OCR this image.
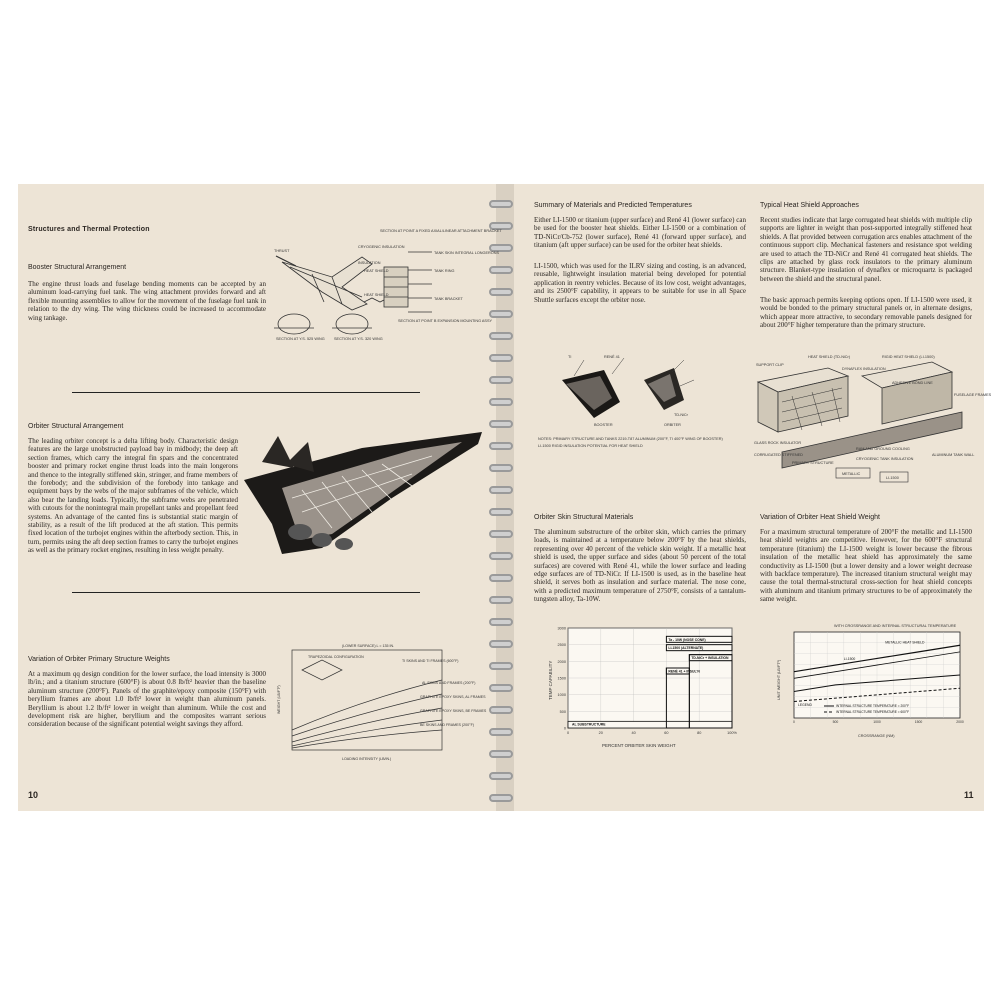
Structures and Thermal Protection
Booster Structural Arrangement
The engine thrust loads and fuselage bending moments can be accepted by an aluminum load-carrying fuel tank. The wing attachment provides forward and aft flexible mounting assemblies to allow for the movement of the fuselage fuel tank in relation to the dry wing. The wing thickness could be increased to accommodate wing tankage.
THRUST
SECTION AT POINT A FIXED AXIAL/LINEAR ATTACHMENT BRACKET
CRYOGENIC INSULATION
TANK SKIN INTEGRAL LONGERONS
INSULATION
HEAT SHIELD	TANK RING
HEAT SHIELD
TANK BRACKET
SECTION AT Y.S. 525 WING SECTION AT Y.S. 320 WING
SECTION AT POINT B EXPANSION MOUNTING ASSY
Orbiter Structural Arrangement
The leading orbiter concept is a delta lifting body. Characteristic design features are the large unobstructed payload bay in midbody; the deep aft section frames, which carry the integral fin spars and the concentrated booster and primary rocket engine thrust loads into the main longerons and thence to the integrally stiffened skin, stringer, and frame members of the forebody; and the subdivision of the forebody into tankage and equipment bays by the webs of the major subframes of the vehicle, which also bear the landing loads. Typically, the subframe webs are penetrated with cutouts for the nonintegral main propellant tanks and propellant feed systems. An advantage of the canted fins is substantial static margin of stability, as a result of the lift produced at the aft station. This permits fixed location of the turbojet engines within the afterbody section. This, in turn, permits using the aft deep section frames to carry the turbojet engines as well as the primary rocket engines, resulting in less weight penalty.
Variation of Orbiter Primary Structure Weights
At a maximum qq design condition for the lower surface, the load intensity is 3000 lb/in.; and a titanium structure (600°F) is about 0.8 lb/ft² heavier than the baseline aluminum structure (200°F). Panels of the graphite/epoxy composite (150°F) with beryllium frames are about 1.0 lb/ft² lower in weight than aluminum panels. Beryllium is about 1.2 lb/ft² lower in weight than aluminum. While the cost and development risk are higher, beryllium and the composites warrant serious consideration because of the significant potential weight savings they afford.
(LOWER SURFACE) L = 135 IN.
TRAPEZOIDAL CONFIGURATION
TI SKINS AND TI FRAMES (600°F)
AL SKINS AND FRAMES (200°F)
GRAPHITE EPOXY SKINS, AL FRAMES
GRAPHITE EPOXY SKINS, BE FRAMES
BE SKINS AND FRAMES (200°F)
WEIGHT (LB/FT²)
LOADING INTENSITY (LB/IN.)
10
Summary of Materials and Predicted Temperatures
Either LI-1500 or titanium (upper surface) and René 41 (lower surface) can be used for the booster heat shields. Either LI-1500 or a combination of TD-NiCr/Cb-752 (lower surface), René 41 (forward upper surface), and titanium (aft upper surface) can be used for the orbiter heat shields.
LI-1500, which was used for the ILRV sizing and costing, is an advanced, reusable, lightweight insulation material being developed for potential application in reentry vehicles. Because of its low cost, weight advantages, and its 2500°F capability, it appears to be suitable for use in all Space Shuttle surfaces except the orbiter nose.
Typical Heat Shield Approaches
Recent studies indicate that large corrugated heat shields with multiple clip supports are lighter in weight than post-supported integrally stiffened heat shields. A flat provided between corrugation arcs enables attachment of the continuous support clip. Mechanical fasteners and resistance spot welding are used to attach the TD-NiCr and René 41 corrugated heat shields. The clips are attached by glass rock insulators to the primary aluminum structure. Blanket-type insulation of dynaflex or microquartz is packaged between the shield and the structural panel.
The basic approach permits keeping options open. If LI-1500 were used, it would be bonded to the primary structural panels or, in alternate designs, which appear more attractive, to secondary removable panels designed for about 200°F higher temperature than the primary structure.
BOOSTER	ORBITER
RENÉ 41
TI
TD-NiCr
NOTES: PRIMARY STRUCTURE AND TANKS 2219-T87 ALUMINUM (200°F, TI 400°F WING OF BOOSTER)
LI-1500 RIGID INSULATION POTENTIAL FOR HEAT SHIELD
HEAT SHIELD (TD-NiCr)
SUPPORT CLIP
RIGID HEAT SHIELD (LI-1500)
DYNAFLEX INSULATION
ADHESIVE BOND LINE
FUSELAGE FRAMES
GLASS ROCK INSULATOR
CORRUGATED STIFFENED
RAM AND GROUND COOLING
CRYOGENIC TANK INSULATION
PRIMARY STRUCTURE
ALUMINUM TANK WALL
METALLIC
LI-1500
Orbiter Skin Structural Materials
The aluminum substructure of the orbiter skin, which carries the primary loads, is maintained at a temperature below 200°F by the heat shields, representing over 40 percent of the vehicle skin weight. If a metallic heat shield is used, the upper surface and sides (about 50 percent of the total surfaces) are covered with René 41, while the lower surface and leading edge surfaces are of TD-NiCr. If LI-1500 is used, as in the baseline heat shield, it serves both as insulation and surface material. The nose cone, with a predicted maximum temperature of 2750°F, consists of a tantalum-tungsten alloy, Ta-10W.
Variation of Orbiter Heat Shield Weight
For a maximum structural temperature of 200°F the metallic and LI-1500 heat shield weights are competitive. However, for the 600°F structural temperature (titanium) the LI-1500 weight is lower because the fibrous insulation of the metallic heat shield has approximately the same conductivity as LI-1500 (but a lower density and a lower weight decrease with backface temperature). The increased titanium structural weight may cause the total thermal-structural cross-section for heat shield concepts with aluminum and titanium primary structures to be of approximately the same weight.
TEMP CAPABILITY
PERCENT ORBITER SKIN WEIGHT
0
500
1000
1500
2000
2500
3000
0	20	40	60	80	100%
AL SUBSTRUCTURE
RENÉ 41 + INSUL'N
TD-NiCr + INSULATION
LI-1500 (ALTERNATE)
Ta - 10W (NOSE CONE)
WITH CROSSRANGE AND INTERNAL STRUCTURAL TEMPERATURE
UNIT WEIGHT (LB/FT²)
CROSSRANGE (NM)
0	500	1000	1500	2000
METALLIC HEAT SHIELD
LI-1500
LEGEND	INTERNAL STRUCTURE TEMPERATURE = 200°F
INTERNAL STRUCTURE TEMPERATURE = 600°F
11
